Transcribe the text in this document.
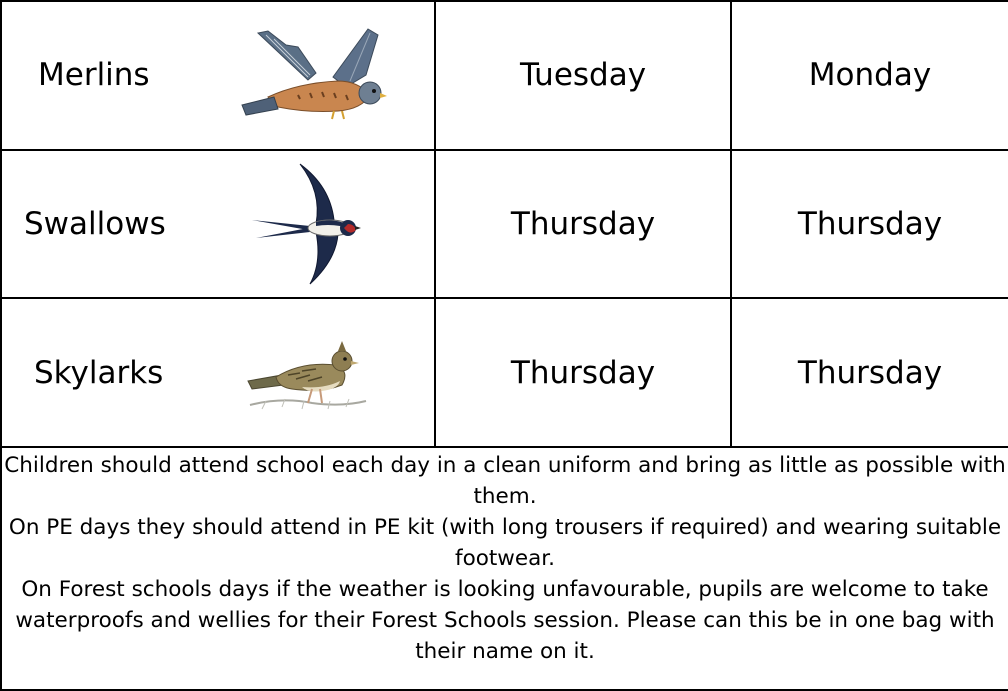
Merlins	Tuesday	Monday

Swallows	Thursday	Thursday

Skylarks	Thursday	Thursday

Children should attend school each day in a clean uniform and bring as little as possible with them.

On PE days they should attend in PE kit (with long trousers if required) and wearing suitable footwear.

On Forest schools days if the weather is looking unfavourable, pupils are welcome to take waterproofs and wellies for their Forest Schools session. Please can this be in one bag with their name on it.		
